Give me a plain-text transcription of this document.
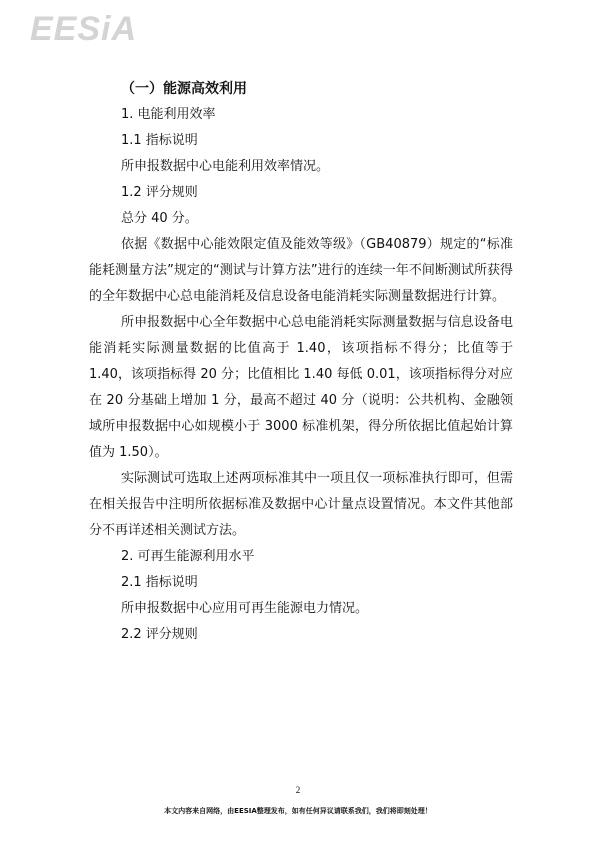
EESiA

（一）能源高效利用

1. 电能利用效率

1.1 指标说明

所申报数据中心电能利用效率情况。

1.2 评分规则

总分 40 分。

依据《数据中心能效限定值及能效等级》（GB40879）规定的“标准能耗测量方法”规定的“测试与计算方法”进行的连续一年不间断测试所获得的全年数据中心总电能消耗及信息设备电能消耗实际测量数据进行计算。

所申报数据中心全年数据中心总电能消耗实际测量数据与信息设备电能消耗实际测量数据的比值高于 1.40，该项指标不得分；比值等于 1.40，该项指标得 20 分；比值相比 1.40 每低 0.01，该项指标得分对应在 20 分基础上增加 1 分，最高不超过 40 分（说明：公共机构、金融领域所申报数据中心如规模小于 3000 标准机架，得分所依据比值起始计算值为 1.50）。

实际测试可选取上述两项标准其中一项且仅一项标准执行即可，但需在相关报告中注明所依据标准及数据中心计量点设置情况。本文件其他部分不再详述相关测试方法。

2. 可再生能源利用水平

2.1 指标说明

所申报数据中心应用可再生能源电力情况。

2.2 评分规则

2
本文内容来自网络，由EESIA整理发布，如有任何异议请联系我们，我们将即刻处理！
